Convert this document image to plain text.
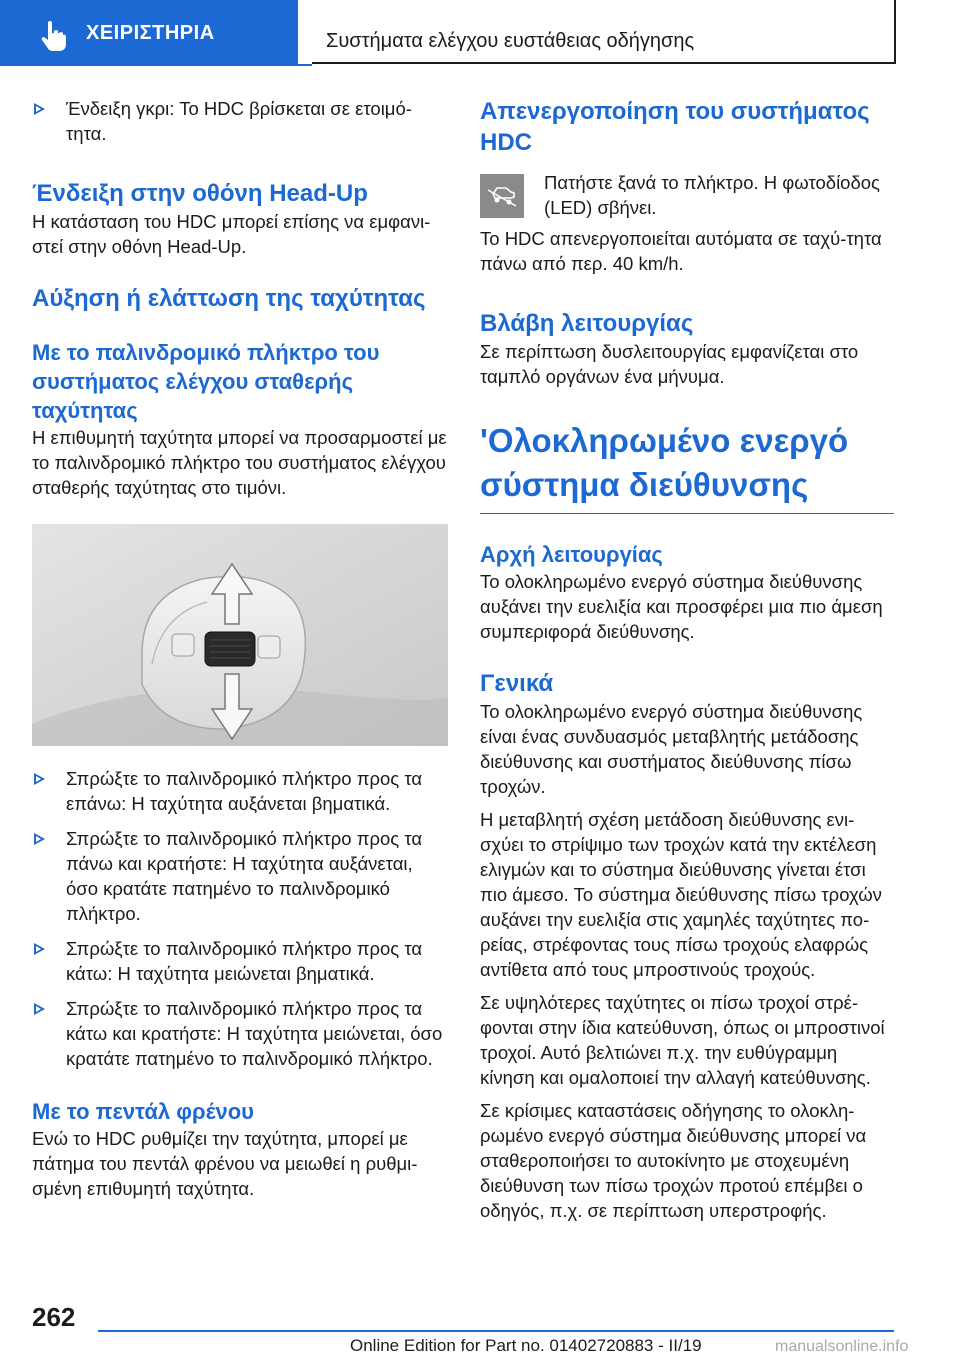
ΧΕΙΡΙΣΤΗΡΙΑ	Συστήματα ελέγχου ευστάθειας οδήγησης

Ένδειξη γκρι: Το HDC βρίσκεται σε ετοιμό-τητα.

Ένδειξη στην οθόνη Head-Up

Η κατάσταση του HDC μπορεί επίσης να εμφανι-στεί στην οθόνη Head-Up.

Αύξηση ή ελάττωση της ταχύτητας
Με το παλινδρομικό πλήκτρο του συστήματος ελέγχου σταθερής ταχύτητας

Η επιθυμητή ταχύτητα μπορεί να προσαρμοστεί με το παλινδρομικό πλήκτρο του συστήματος ελέγχου σταθερής ταχύτητας στο τιμόνι.

Σπρώξτε το παλινδρομικό πλήκτρο προς τα επάνω: Η ταχύτητα αυξάνεται βηματικά.

Σπρώξτε το παλινδρομικό πλήκτρο προς τα πάνω και κρατήστε: Η ταχύτητα αυξάνεται, όσο κρατάτε πατημένο το παλινδρομικό πλήκτρο.

Σπρώξτε το παλινδρομικό πλήκτρο προς τα κάτω: Η ταχύτητα μειώνεται βηματικά.

Σπρώξτε το παλινδρομικό πλήκτρο προς τα κάτω και κρατήστε: Η ταχύτητα μειώνεται, όσο κρατάτε πατημένο το παλινδρομικό πλήκτρο.

Με το πεντάλ φρένου

Ενώ το HDC ρυθμίζει την ταχύτητα, μπορεί με πάτημα του πεντάλ φρένου να μειωθεί η ρυθμι-σμένη επιθυμητή ταχύτητα.

Απενεργοποίηση του συστήματος HDC

Πατήστε ξανά το πλήκτρο. Η φωτοδίοδος (LED) σβήνει.

Το HDC απενεργοποιείται αυτόματα σε ταχύ-τητα πάνω από περ. 40 km/h.

Βλάβη λειτουργίας

Σε περίπτωση δυσλειτουργίας εμφανίζεται στο ταμπλό οργάνων ένα μήνυμα.

'Ολοκληρωμένο ενεργό σύστημα διεύθυνσης
Αρχή λειτουργίας

Το ολοκληρωμένο ενεργό σύστημα διεύθυνσης αυξάνει την ευελιξία και προσφέρει μια πιο άμεση συμπεριφορά διεύθυνσης.

Γενικά

Το ολοκληρωμένο ενεργό σύστημα διεύθυνσης είναι ένας συνδυασμός μεταβλητής μετάδοσης διεύθυνσης και συστήματος διεύθυνσης πίσω τροχών.

Η μεταβλητή σχέση μετάδοση διεύθυνσης ενι-σχύει το στρίψιμο των τροχών κατά την εκτέλεση ελιγμών και το σύστημα διεύθυνσης γίνεται έτσι πιο άμεσο. Το σύστημα διεύθυνσης πίσω τροχών αυξάνει την ευελιξία στις χαμηλές ταχύτητες πο-ρείας, στρέφοντας τους πίσω τροχούς ελαφρώς αντίθετα από τους μπροστινούς τροχούς.

Σε υψηλότερες ταχύτητες οι πίσω τροχοί στρέ-φονται στην ίδια κατεύθυνση, όπως οι μπροστινοί τροχοί. Αυτό βελτιώνει π.χ. την ευθύγραμμη κίνηση και ομαλοποιεί την αλλαγή κατεύθυνσης.

Σε κρίσιμες καταστάσεις οδήγησης το ολοκλη-ρωμένο ενεργό σύστημα διεύθυνσης μπορεί να σταθεροποιήσει το αυτοκίνητο με στοχευμένη διεύθυνση των πίσω τροχών προτού επέμβει ο οδηγός, π.χ. σε περίπτωση υπερστροφής.

262
Online Edition for Part no. 01402720883 - II/19	manualsonline.info
